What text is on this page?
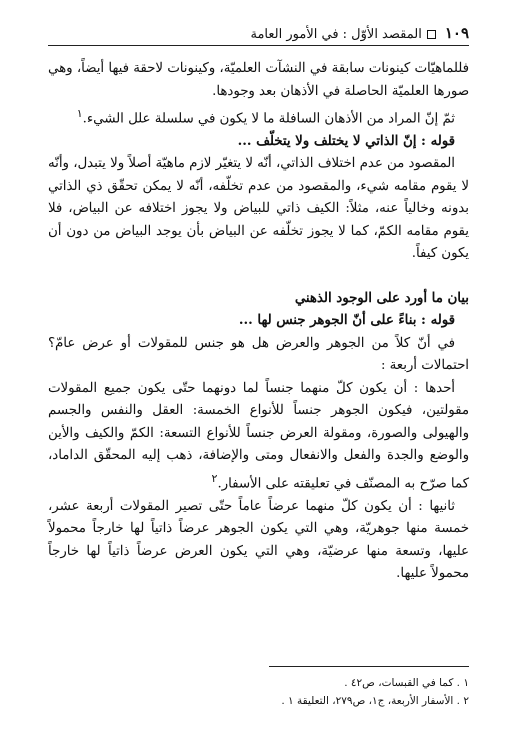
١٠٩
المقصد الأوّل : في الأمور العامة

فللماهيّات كينونات سابقة في النشآت العلميّة، وكينونات لاحقة فيها أيضاً، وهي صورها العلميّة الحاصلة في الأذهان بعد وجودها.

ثمّ إنّ المراد من الأذهان السافلة ما لا يكون في سلسلة علل الشيء.$^١$

قوله : إنّ الذاتي لا يختلف ولا يتخلّف ...

المقصود من عدم اختلاف الذاتي، أنّه لا يتغيّر لازم ماهيّة أصلاً ولا يتبدل، وأنّه لا يقوم مقامه شيء، والمقصود من عدم تخلّفه، أنّه لا يمكن تحقّق ذي الذاتي بدونه وخالياً عنه، مثلاً: الكيف ذاتي للبياض ولا يجوز اختلافه عن البياض، فلا يقوم مقامه الكمّ، كما لا يجوز تخلّفه عن البياض بأن يوجد البياض من دون أن يكون كيفاً.

بيان ما أورد على الوجود الذهني

قوله : بناءً على أنّ الجوهر جنس لها ...

في أنّ كلاً من الجوهر والعرض هل هو جنس للمقولات أو عرض عامّ؟ احتمالات أربعة :

أحدها : أن يكون كلّ منهما جنساً لما دونهما حتّى يكون جميع المقولات مقولتين، فيكون الجوهر جنساً للأنواع الخمسة: العقل والنفس والجسم والهيولى والصورة، ومقولة العرض جنساً للأنواع التسعة: الكمّ والكيف والأين والوضع والجدة والفعل والانفعال ومتى والإضافة، ذهب إليه المحقّق الداماد، كما صرّح به المصنّف في تعليقته على الأسفار.$^٢$

ثانيها : أن يكون كلّ منهما عرضاً عاماً حتّى تصير المقولات أربعة عشر، خمسة منها جوهريّة، وهي التي يكون الجوهر عرضاً ذاتياً لها خارجاً محمولاً عليها، وتسعة منها عرضيّة، وهي التي يكون العرض عرضاً ذاتياً لها خارجاً محمولاً عليها.

١ . كما في القبسات، ص٤٢ .
٢ . الأسفار الأربعة، ج١، ص٢٧٩، التعليقة ١ .
